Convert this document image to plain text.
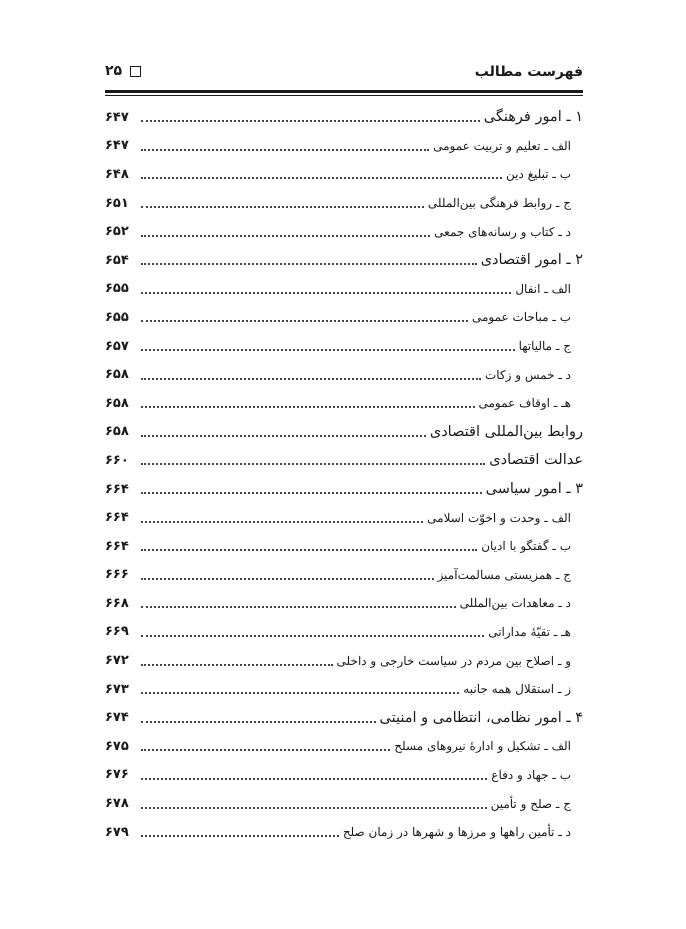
فهرست مطالب
۲۵
۱ ـ امور فرهنگی
۶۴۷
الف ـ تعلیم و تربیت عمومی
۶۴۷
ب ـ تبلیغ دین
۶۴۸
ج ـ روابط فرهنگی بین‌المللی
۶۵۱
د ـ کتاب و رسانه‌های جمعی
۶۵۲
۲ ـ امور اقتصادی
۶۵۴
الف ـ انفال
۶۵۵
ب ـ مباحات عمومی
۶۵۵
ج ـ مالیاتها
۶۵۷
د ـ خمس و زکات
۶۵۸
هـ ـ اوقاف عمومی
۶۵۸
روابط بین‌المللی اقتصادی
۶۵۸
عدالت اقتصادی
۶۶۰
۳ ـ امور سیاسی
۶۶۴
الف ـ وحدت و اخوّت اسلامی
۶۶۴
ب ـ گفتگو با ادیان
۶۶۴
ج ـ همزیستی مسالمت‌آمیز
۶۶۶
د ـ معاهدات بین‌المللی
۶۶۸
هـ ـ تقیّهٔ مداراتی
۶۶۹
و ـ اصلاح بین مردم در سیاست خارجی و داخلی
۶۷۲
ز ـ استقلال همه جانبه
۶۷۳
۴ ـ امور نظامی، انتظامی و امنیتی
۶۷۴
الف ـ تشکیل و ادارهٔ نیروهای مسلح
۶۷۵
ب ـ جهاد و دفاع
۶۷۶
ج ـ صلح و تأمین
۶۷۸
د ـ تأمین راهها و مرزها و شهرها در زمان صلح
۶۷۹
